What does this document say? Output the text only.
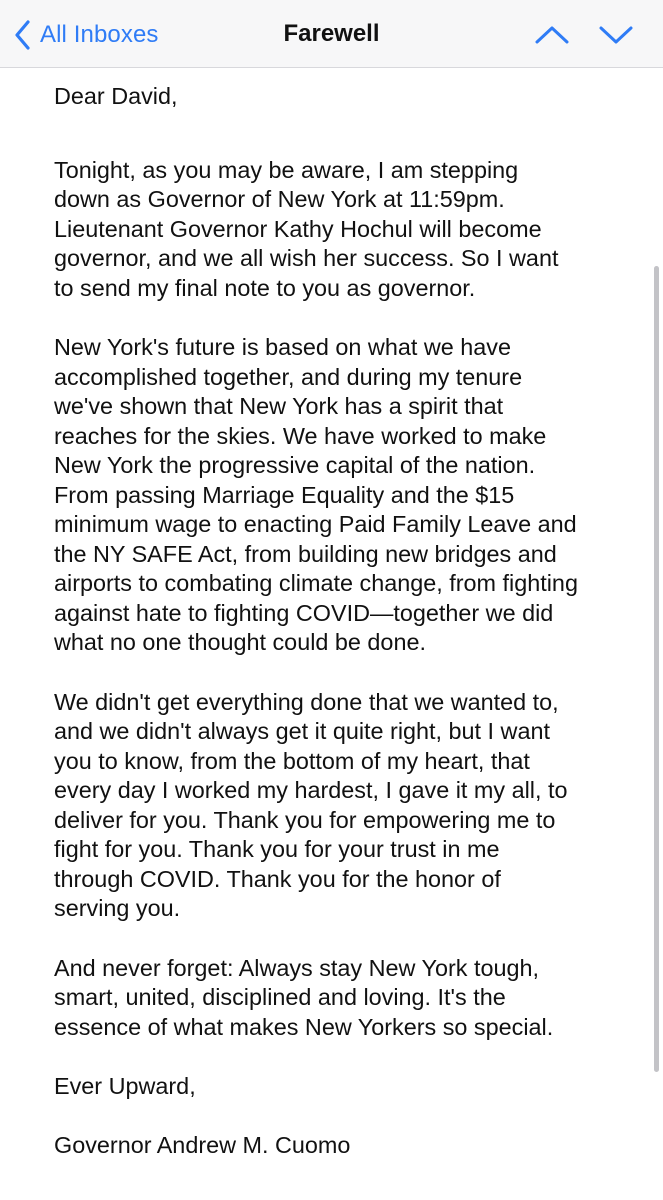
All Inboxes	Farewell

Dear David,

Tonight, as you may be aware, I am stepping
down as Governor of New York at 11:59pm.
Lieutenant Governor Kathy Hochul will become
governor, and we all wish her success. So I want
to send my final note to you as governor.

New York's future is based on what we have
accomplished together, and during my tenure
we've shown that New York has a spirit that
reaches for the skies. We have worked to make
New York the progressive capital of the nation.
From passing Marriage Equality and the $15
minimum wage to enacting Paid Family Leave and
the NY SAFE Act, from building new bridges and
airports to combating climate change, from fighting
against hate to fighting COVID—together we did
what no one thought could be done.

We didn't get everything done that we wanted to,
and we didn't always get it quite right, but I want
you to know, from the bottom of my heart, that
every day I worked my hardest, I gave it my all, to
deliver for you. Thank you for empowering me to
fight for you. Thank you for your trust in me
through COVID. Thank you for the honor of
serving you.

And never forget: Always stay New York tough,
smart, united, disciplined and loving. It's the
essence of what makes New Yorkers so special.

Ever Upward,

Governor Andrew M. Cuomo
